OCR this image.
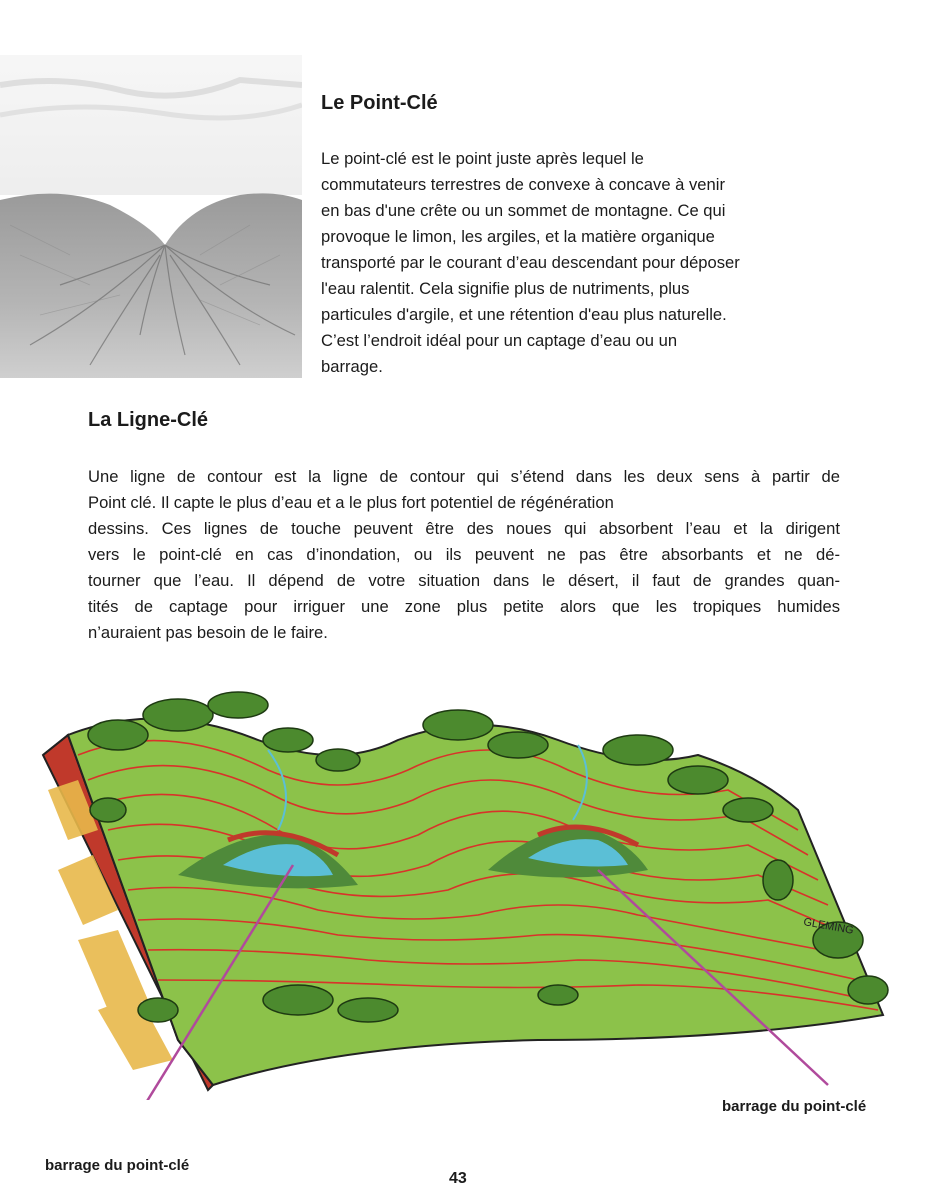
Le Point-Clé

Le point-clé est le point juste après lequel le
commutateurs terrestres de convexe à concave à venir
en bas d'une crête ou un sommet de montagne. Ce qui
provoque le limon, les argiles, et la matière organique
transporté par le courant d’eau descendant pour déposer
l'eau ralentit. Cela signifie plus de nutriments, plus
particules d'argile, et une rétention d'eau plus naturelle.
C’est l’endroit idéal pour un captage d’eau ou un
barrage.

La Ligne-Clé

Une ligne de contour est la ligne de contour qui s’étend dans les deux sens à partir de
Point clé. Il capte le plus d’eau et a le plus fort potentiel de régénération
dessins. Ces lignes de touche peuvent être des noues qui absorbent l’eau et la dirigent
vers le point-clé en cas d’inondation, ou ils peuvent ne pas être absorbants et ne dé-
tourner que l’eau. Il dépend de votre situation dans le désert, il faut de grandes quan-
tités de captage pour irriguer une zone plus petite alors que les tropiques humides
n’auraient pas besoin de le faire.

GLEMING
barrage du point-clé
barrage du point-clé
43
